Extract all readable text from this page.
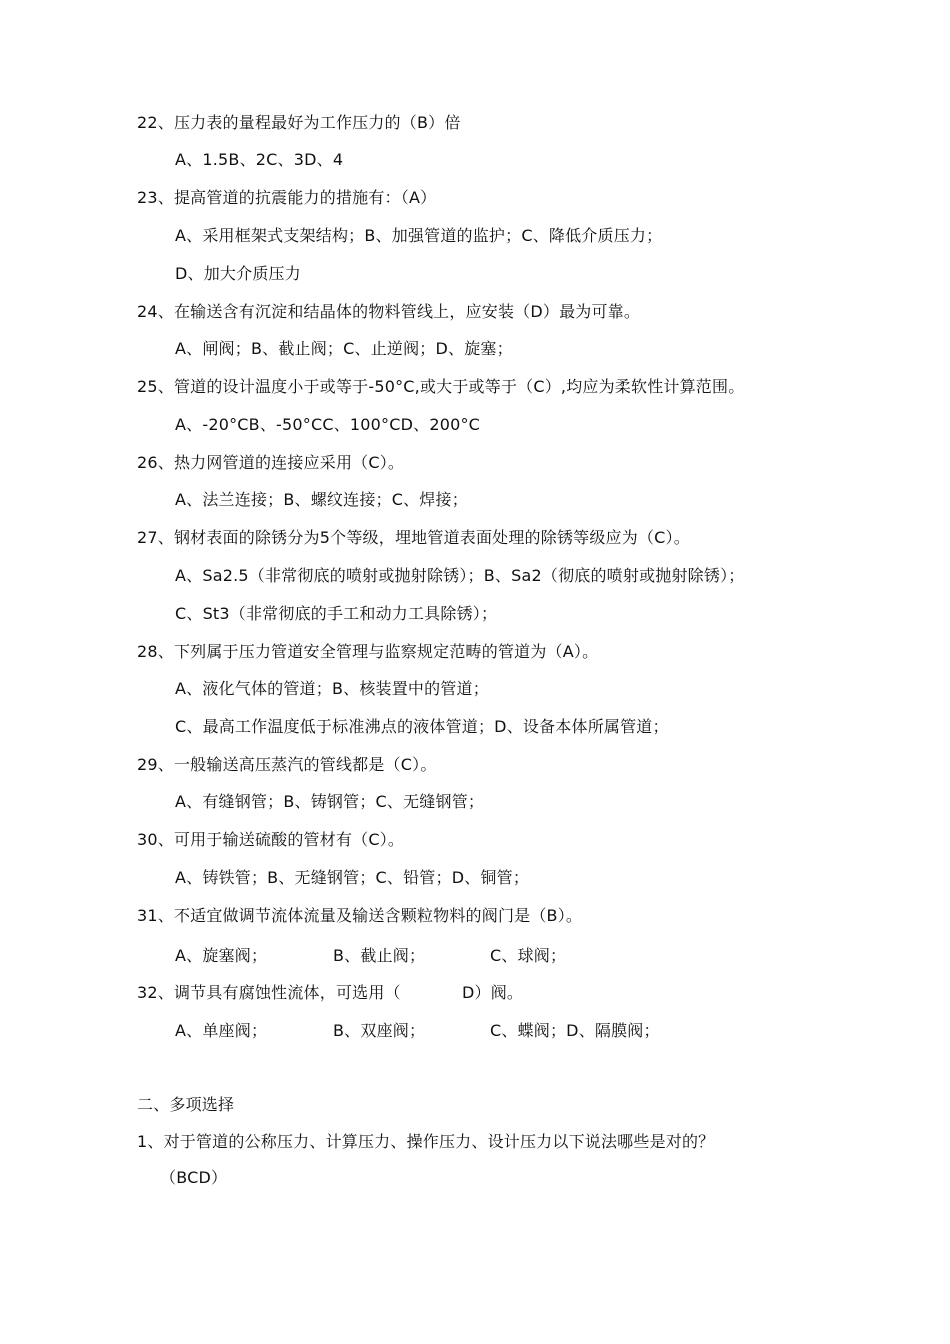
22、压力表的量程最好为工作压力的（B）倍
A、1.5B、2C、3D、4
23、提高管道的抗震能力的措施有：（A）
A、采用框架式支架结构；B、加强管道的监护；C、降低介质压力；
D、加大介质压力
24、在输送含有沉淀和结晶体的物料管线上，应安装（D）最为可靠。
A、闸阀；B、截止阀；C、止逆阀；D、旋塞；
25、管道的设计温度小于或等于-50°C,或大于或等于（C）,均应为柔软性计算范围。
A、-20°CB、-50°CC、100°CD、200°C
26、热力网管道的连接应采用（C）。
A、法兰连接；B、螺纹连接；C、焊接；
27、钢材表面的除锈分为5个等级，埋地管道表面处理的除锈等级应为（C）。
A、Sa2.5（非常彻底的喷射或抛射除锈）；B、Sa2（彻底的喷射或抛射除锈）；
C、St3（非常彻底的手工和动力工具除锈）；
28、下列属于压力管道安全管理与监察规定范畴的管道为（A）。
A、液化气体的管道；B、核装置中的管道；
C、最高工作温度低于标准沸点的液体管道；D、设备本体所属管道；
29、一般输送高压蒸汽的管线都是（C）。
A、有缝钢管；B、铸钢管；C、无缝钢管；
30、可用于输送硫酸的管材有（C）。
A、铸铁管；B、无缝钢管；C、铅管；D、铜管；
31、不适宜做调节流体流量及输送含颗粒物料的阀门是（B）。

A、旋塞阀；

	B、截止阀；

	C、球阀；

32、调节具有腐蚀性流体，可选用（

	D）阀。

A、单座阀；

	B、双座阀；

	C、蝶阀；D、隔膜阀；

二、多项选择
1、对于管道的公称压力、计算压力、操作压力、设计压力以下说法哪些是对的？
（BCD）
